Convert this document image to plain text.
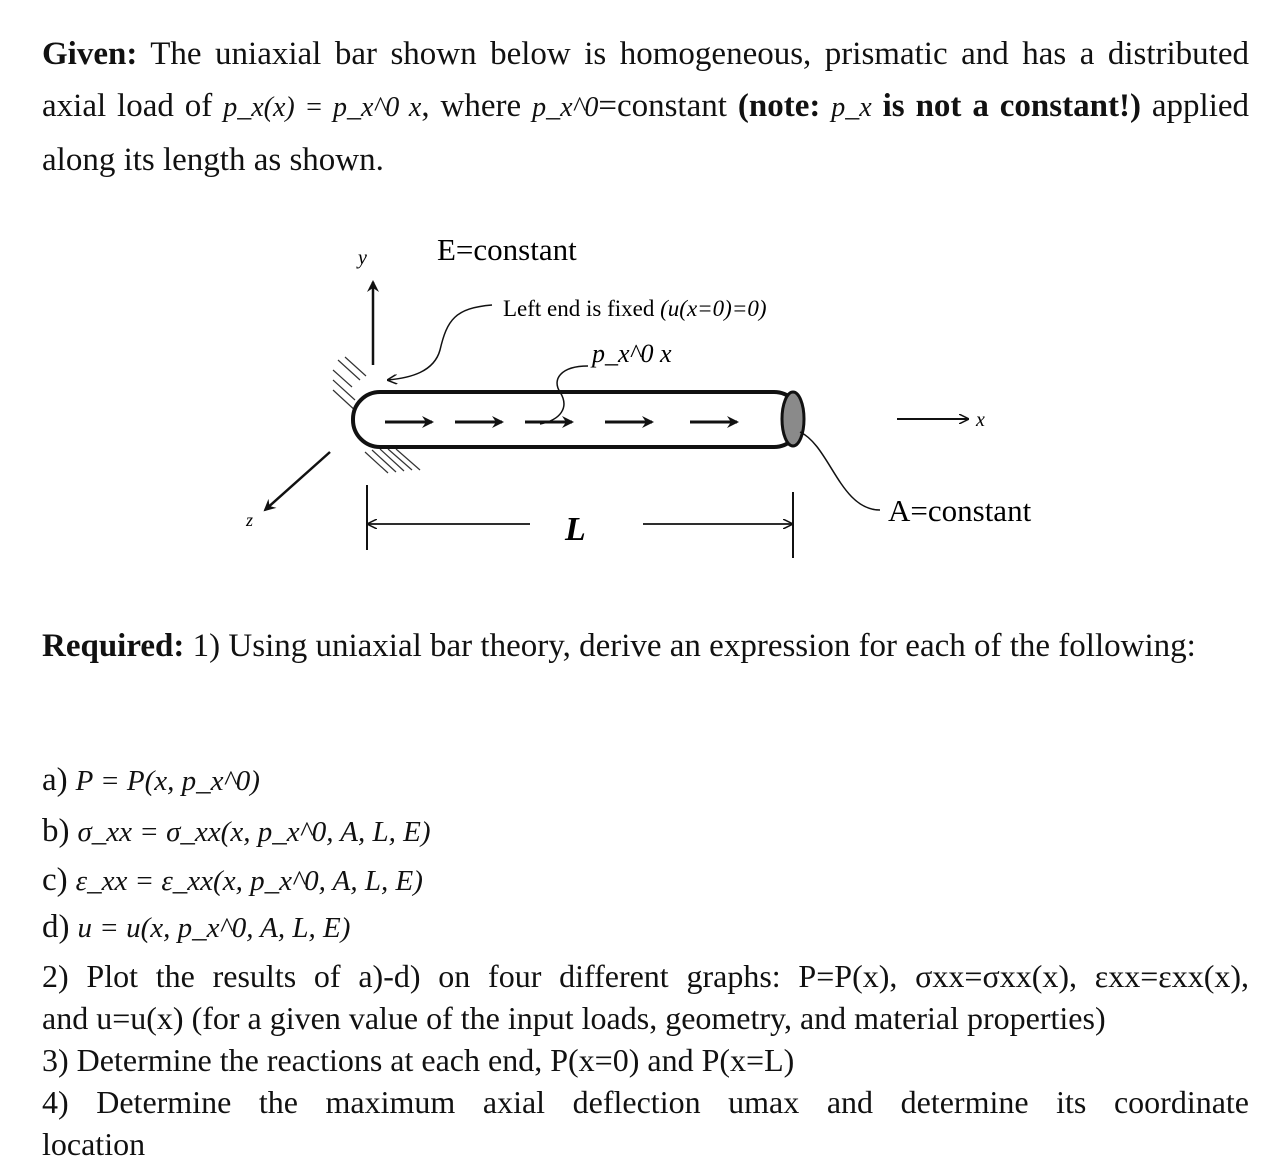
Given: The uniaxial bar shown below is homogeneous, prismatic and has a distributed axial load of p_x(x) = p_x^0 x, where p_x^0=constant (note: p_x is not a constant!) applied along its length as shown.
y
z
x
E=constant
Left end is fixed (u(x=0)=0)
p_x^0 x
A=constant
L
Required: 1) Using uniaxial bar theory, derive an expression for each of the following:
a) P = P(x, p_x^0)
b) σ_xx = σ_xx(x, p_x^0, A, L, E)
c) ε_xx = ε_xx(x, p_x^0, A, L, E)
d) u = u(x, p_x^0, A, L, E)
2) Plot the results of a)-d) on four different graphs: P=P(x), σxx=σxx(x), εxx=εxx(x),
and u=u(x) (for a given value of the input loads, geometry, and material properties)
3) Determine the reactions at each end, P(x=0) and P(x=L)
4) Determine the maximum axial deflection umax and determine its coordinate
location
